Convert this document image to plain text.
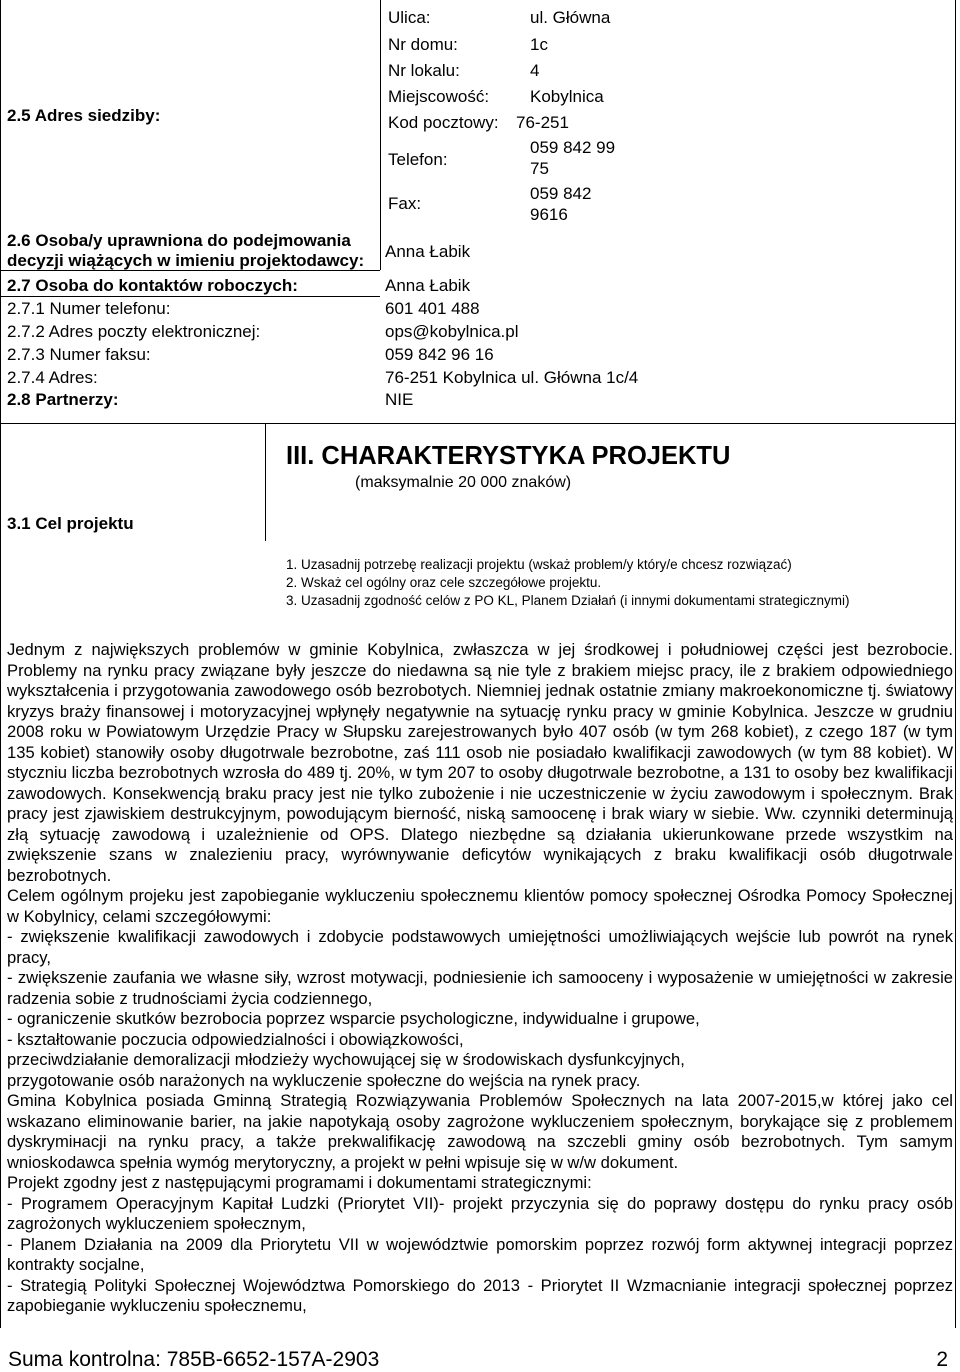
2.5 Adres siedziby:
Ulica:	ul. Główna
Nr domu:	1c
Nr lokalu:	4
Miejscowość: Kobylnica
Kod pocztowy: 76-251
Telefon:
059 842 99
75
Fax:
059 842
9616
2.6 Osoba/y uprawniona do podejmowania
decyzji wiążących w imieniu projektodawcy: Anna Łabik
2.7 Osoba do kontaktów roboczych:	Anna Łabik
2.7.1 Numer telefonu:	601 401 488
2.7.2 Adres poczty elektronicznej:	ops@kobylnica.pl
2.7.3 Numer faksu:	059 842 96 16
2.7.4 Adres:	76-251 Kobylnica ul. Główna 1c/4
2.8 Partnerzy:	NIE
III. CHARAKTERYSTYKA PROJEKTU
(maksymalnie 20 000 znaków)
3.1 Cel projektu
1. Uzasadnij potrzebę realizacji projektu (wskaż problem/y który/e chcesz rozwiązać)
2. Wskaż cel ogólny oraz cele szczegółowe projektu.
3. Uzasadnij zgodność celów z PO KL, Planem Działań (i innymi dokumentami strategicznymi)

Jednym z największych problemów w gminie Kobylnica, zwłaszcza w jej środkowej i południowej części jest bezrobocie. Problemy na rynku pracy związane były jeszcze do niedawna są nie tyle z brakiem miejsc pracy, ile z brakiem odpowiedniego wykształcenia i przygotowania zawodowego osób bezrobotych. Niemniej jednak ostatnie zmiany makroekonomiczne tj. światowy kryzys braży finansowej i motoryzacyjnej wpłynęły negatywnie na sytuację rynku pracy w gminie Kobylnica. Jeszcze w grudniu 2008 roku w Powiatowym Urzędzie Pracy w Słupsku zarejestrowanych było 407 osób (w tym 268 kobiet), z czego 187 (w tym 135 kobiet) stanowiły osoby długotrwale bezrobotne, zaś 111 osob nie posiadało kwalifikacji zawodowych (w tym 88 kobiet). W styczniu liczba bezrobotnych wzrosła do 489 tj. 20%, w tym 207 to osoby długotrwale bezrobotne, a 131 to osoby bez kwalifikacji zawodowych. Konsekwencją braku pracy jest nie tylko zubożenie i nie uczestniczenie w życiu zawodowym i społecznym. Brak pracy jest zjawiskiem destrukcyjnym, powodującym bierność, niską samoocenę i brak wiary w siebie. Ww. czynniki determinują złą sytuację zawodową i uzależnienie od OPS. Dlatego niezbędne są działania ukierunkowane przede wszystkim na zwiększenie szans w znalezieniu pracy, wyrównywanie deficytów wynikających z braku kwalifikacji osób długotrwale bezrobotnych.

Celem ogólnym projeku jest zapobieganie wykluczeniu społecznemu klientów pomocy społecznej Ośrodka Pomocy Społecznej w Kobylnicy, celami szczegółowymi:

- zwiększenie kwalifikacji zawodowych i zdobycie podstawowych umiejętności umożliwiających wejście lub powrót na rynek pracy,

- zwiększenie zaufania we własne siły, wzrost motywacji, podniesienie ich samooceny i wyposażenie w umiejętności w zakresie radzenia sobie z trudnościami życia codziennego,

- ograniczenie skutków bezrobocia poprzez wsparcie psychologiczne, indywidualne i grupowe,

- kształtowanie poczucia odpowiedzialności i obowiązkowości,

przeciwdziałanie demoralizacji młodzieży wychowującej się w środowiskach dysfunkcyjnych,

przygotowanie osób narażonych na wykluczenie społeczne do wejścia na rynek pracy.

Gmina Kobylnica posiada Gminną Strategią Rozwiązywania Problemów Społecznych na lata 2007-2015,w której jako cel wskazano eliminowanie barier, na jakie napotykają osoby zagrożone wykluczeniem społecznym, borykające się z problemem dyskrymінacji na rynku pracy, a także prekwalifikację zawodową na szczebli gminy osób bezrobotnych. Tym samym wnioskodawca spełnia wymóg merytoryczny, a projekt w pełni wpisuje się w w/w dokument.

Projekt zgodny jest z następującymi programami i dokumentami strategicznymi:

- Programem Operacyjnym Kapitał Ludzki (Priorytet VII)- projekt przyczynia się do poprawy dostępu do rynku pracy osób zagrożonych wykluczeniem społecznym,

- Planem Działania na 2009 dla Priorytetu VII w województwie pomorskim poprzez rozwój form aktywnej integracji poprzez kontrakty socjalne,

- Strategią Polityki Społecznej Województwa Pomorskiego do 2013 - Priorytet II Wzmacnianie integracji społecznej poprzez zapobieganie wykluczeniu społecznemu,

Suma kontrolna: 785B-6652-157A-2903	2
